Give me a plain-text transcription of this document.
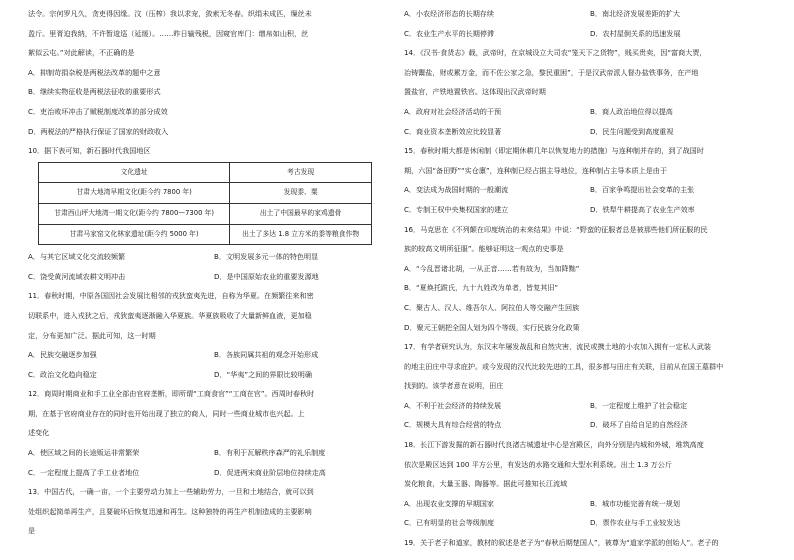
法令。宗何罗凡久，贪吏得因缘。汶（压榨）我以求宠，敛索无冬春。织绢未成匹，缫丝未
盈斤。里胥迫我纳，不许暂逡巡（延缓）。……昨日输残税，因窥官库门：缯帛如山积，丝
絮似云屯。”对此解读，不正确的是
A．抑制苛捐杂税是两税法改革的题中之意
B．继续实物征收是两税法征收的重要形式
C．吏治败坏冲击了赋税制度改革的部分成效
D．两税法的严格执行保证了国家的财政收入
10．据下表可知，新石器时代我国地区
文化遗址	考古发现
甘肃大地湾早期文化(距今约 7800 年)	发现黍、粟
甘肃西山坪大地湾一期文化(距今约 7800—7300 年)	出土了中国最早的家鸡遗骨
甘肃马家窑文化林家遗址(距今约 5000 年)	出土了多达 1.8 立方米的黍等粮食作物
A．与其它区域文化交流较频繁	B．文明发展多元一体的特色明显
C．饶受黄河流域农耕文明冲击	D．是中国原始农业的重要发源地
11．春秋时期，中原各国因社会发展比相邻的戎狄蛮夷先进，自称为华夏。在频繁往来和密
切联系中，进入戎狄之后，戎狄蛮夷逐渐融入华夏族。华夏族吸收了大量新鲜血液，更加稳
定，分布更加广泛。据此可知，这一时期
A．民族交融逐步加强	B．各族同属共祖的观念开始形成
C．政治文化趋向稳定	D．“华夷”之间的界限比较明确
12．商周时期商业和手工业全部由官府垄断，即所谓“工商食官”“工商在官”。西周时春秋时
期，在基于官府商业存在的同时也开始出现了独立的商人，同时一些商业城市也兴起。上
述变化
A．使区域之间的长途贩运非常繁荣	B．有利于瓦解秩序森严的礼乐制度
C．一定程度上提高了手工业者地位	D．促进两宋商业阶层地位持续走高
13．中国古代，一确一亩，一个主要劳动力加上一些辅助劳力，一旦和土地结合，就可以到
处组织起简单再生产，且要破坏后恢复迅速和再生。这种独特的再生产机制造成的主要影响
是
A．小农经济形态的长期存续	B．南北经济发展差距的扩大
C．农业生产水平的长期停滞	D．农村屋倒关系的迅速发展
14．《汉书·食货志》载，武帝时，在京城设立大司农“笼天下之货物”，贱买贵卖，因“富商大贾，
冶铸鬻盐，财或累万金，而不佐公家之急，黎民重困”，于是汉武帝派人督办盐铁事务，在产地
置盐官，产铁地置铁官。这体现出汉武帝时期
A．政府对社会经济活动的干预	B．商人政治地位得以提高
C．商业资本垄断效应比较显著	D．民生问题受到高度重视
15．春秋时期大都是休闲制（即定期休耕几年以恢复地力的措施）与连种制并存的，到了战国时
期，六国“备田野”“实仓廪”，连种制已经占据主导地位，连种制占主导本质上是由于
A．变法成为战国时期的一般潮流	B．百家争鸣提出社会变革的主张
C．专制王权中央集权国家的建立	D．铁犁牛耕提高了农业生产效率
16．马克思在《不列颠在印度统治的未来结果》中说：“野蛮的征服者总是被那些他们所征服的民
族的较高文明所征服”。能够证明这一观点的史事是
A．“今乱晋诸北胡，一从正音……若有故为，当加降黜”
B．“夏焕托跋氏，九十九姓改为单者，皆复其旧”
C．聚古人、汉人、维吾尔人、阿拉伯人等交融产生回族
D．聚元王朝把全国人划为四个等级，实行民族分化政策
17．有学者研究认为，东汉末年屡发战乱和自然灾害，流民或携土地的小农加入拥有一定私人武装
的地主田庄中寻求庇护。或今发现的汉代比较先进的工具，很多都与田庄有关联，目前从在国王墓群中
找到的。该学者意在说明，田庄
A．不利于社会经济的持续发展	B．一定程度上维护了社会稳定
C．规模大具有综合经营的特点	D．破坏了自给自足的自然经济
18．长江下游发掘的新石器时代良渚古城遗址中心是宫殿区，向外分别是内城和外城，堆筑高度
依次是殿区达到 100 平方公里，有发达的水路交通和大型水利系统。出土 1.3 万公斤
炭化粮食，大量玉器、陶器等。据此可推知长江流域
A．出现农业支撑的早期国家	B．城市功能完善有统一规划
C．已有明显的社会等级制度	D．票作农业与手工业较发达
19．关于老子和道家，教材的叙述是老子为“春秋后期楚国人”，被尊为“道家学派的创始人”。老子的
